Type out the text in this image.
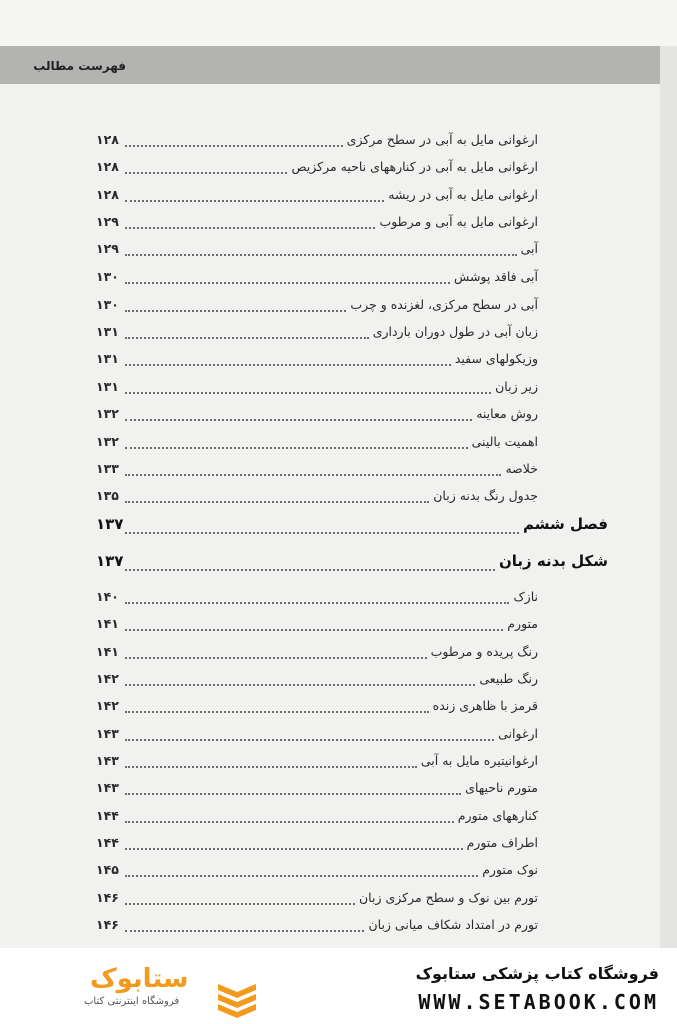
فهرست مطالب
ارغوانی مایل به آبی در سطح مرکزی
۱۲۸
ارغوانی مایل به آبی در کنارههای ناحیه مرکزیص
۱۲۸
ارغوانی مایل به آبی در ریشه
۱۲۸
ارغوانی مایل به آبی و مرطوب
۱۲۹
آبی
۱۲۹
آبی فاقد پوشش
۱۳۰
آبی در سطح مرکزی، لغزنده و چرب
۱۳۰
زبان آبی در طول دوران بارداری
۱۳۱
وزیکولهای سفید
۱۳۱
زیر زبان
۱۳۱
روش معاینه
۱۳۲
اهمیت بالینی
۱۳۲
خلاصه
۱۳۳
جدول رنگ بدنه زبان
۱۳۵
فصل ششم
۱۳۷
شکل بدنه زبان
۱۳۷
نازک
۱۴۰
متورم
۱۴۱
رنگ پریده و مرطوب
۱۴۱
رنگ طبیعی
۱۴۲
قرمز با ظاهری زنده
۱۴۲
ارغوانی
۱۴۳
ارغوانیتیره مایل به آبی
۱۴۳
متورم ناحیهای
۱۴۳
کنارههای متورم
۱۴۴
اطراف متورم
۱۴۴
نوک متورم
۱۴۵
تورم بین نوک و سطح مرکزی زبان
۱۴۶
تورم در امتداد شکاف میانی زبان
۱۴۶
ستابوک
فروشگاه اینترنتی کتاب
فروشگاه کتاب پزشکی ستابوک
WWW.SETABOOK.COM
